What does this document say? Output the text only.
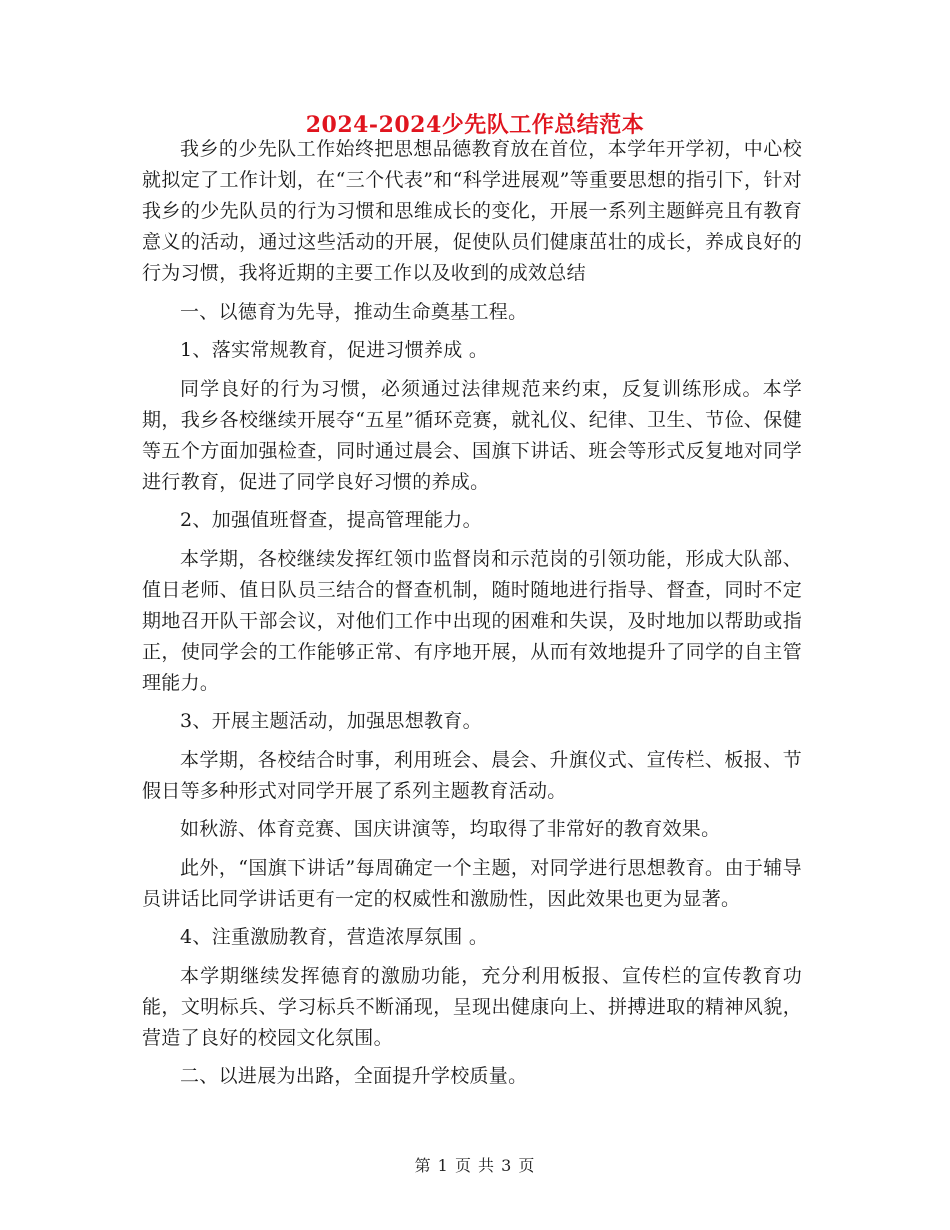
2024-2024少先队工作总结范本

我乡的少先队工作始终把思想品德教育放在首位，本学年开学初，中心校就拟定了工作计划，在“三个代表”和“科学进展观”等重要思想的指引下，针对我乡的少先队员的行为习惯和思维成长的变化，开展一系列主题鲜亮且有教育意义的活动，通过这些活动的开展，促使队员们健康茁壮的成长，养成良好的行为习惯，我将近期的主要工作以及收到的成效总结

一、以德育为先导，推动生命奠基工程。

1、落实常规教育，促进习惯养成 。

同学良好的行为习惯，必须通过法律规范来约束，反复训练形成。本学期，我乡各校继续开展夺“五星”循环竞赛，就礼仪、纪律、卫生、节俭、保健等五个方面加强检查，同时通过晨会、国旗下讲话、班会等形式反复地对同学进行教育，促进了同学良好习惯的养成。

2、加强值班督查，提高管理能力。

本学期，各校继续发挥红领巾监督岗和示范岗的引领功能，形成大队部、值日老师、值日队员三结合的督查机制，随时随地进行指导、督查，同时不定期地召开队干部会议，对他们工作中出现的困难和失误，及时地加以帮助或指正，使同学会的工作能够正常、有序地开展，从而有效地提升了同学的自主管理能力。

3、开展主题活动，加强思想教育。

本学期，各校结合时事，利用班会、晨会、升旗仪式、宣传栏、板报、节假日等多种形式对同学开展了系列主题教育活动。

如秋游、体育竞赛、国庆讲演等，均取得了非常好的教育效果。

此外，“国旗下讲话”每周确定一个主题，对同学进行思想教育。由于辅导员讲话比同学讲话更有一定的权威性和激励性，因此效果也更为显著。

4、注重激励教育，营造浓厚氛围 。

本学期继续发挥德育的激励功能，充分利用板报、宣传栏的宣传教育功能，文明标兵、学习标兵不断涌现，呈现出健康向上、拼搏进取的精神风貌，营造了良好的校园文化氛围。

二、以进展为出路，全面提升学校质量。

第 1 页 共 3 页
